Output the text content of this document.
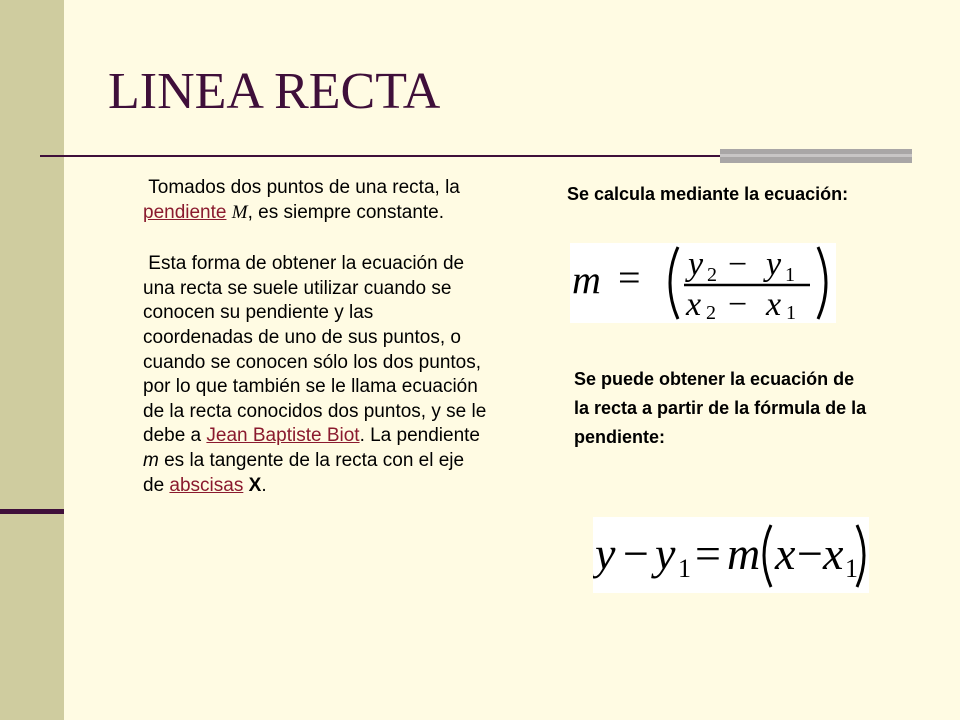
LINEA RECTA

Tomados dos puntos de una recta, la pendiente M, es siempre constante.

Esta forma de obtener la ecuación de una recta se suele utilizar cuando se conocen su pendiente y las coordenadas de uno de sus puntos, o cuando se conocen sólo los dos puntos, por lo que también se le llama ecuación de la recta conocidos dos puntos, y se le debe a Jean Baptiste Biot. La pendiente m es la tangente de la recta con el eje de abscisas X.

Se calcula mediante la ecuación:
m = y 2 − y 1
x 2 − x 1
Se puede obtener la ecuación de la recta a partir de la fórmula de la pendiente:
y − y 1 = m x − x 1
